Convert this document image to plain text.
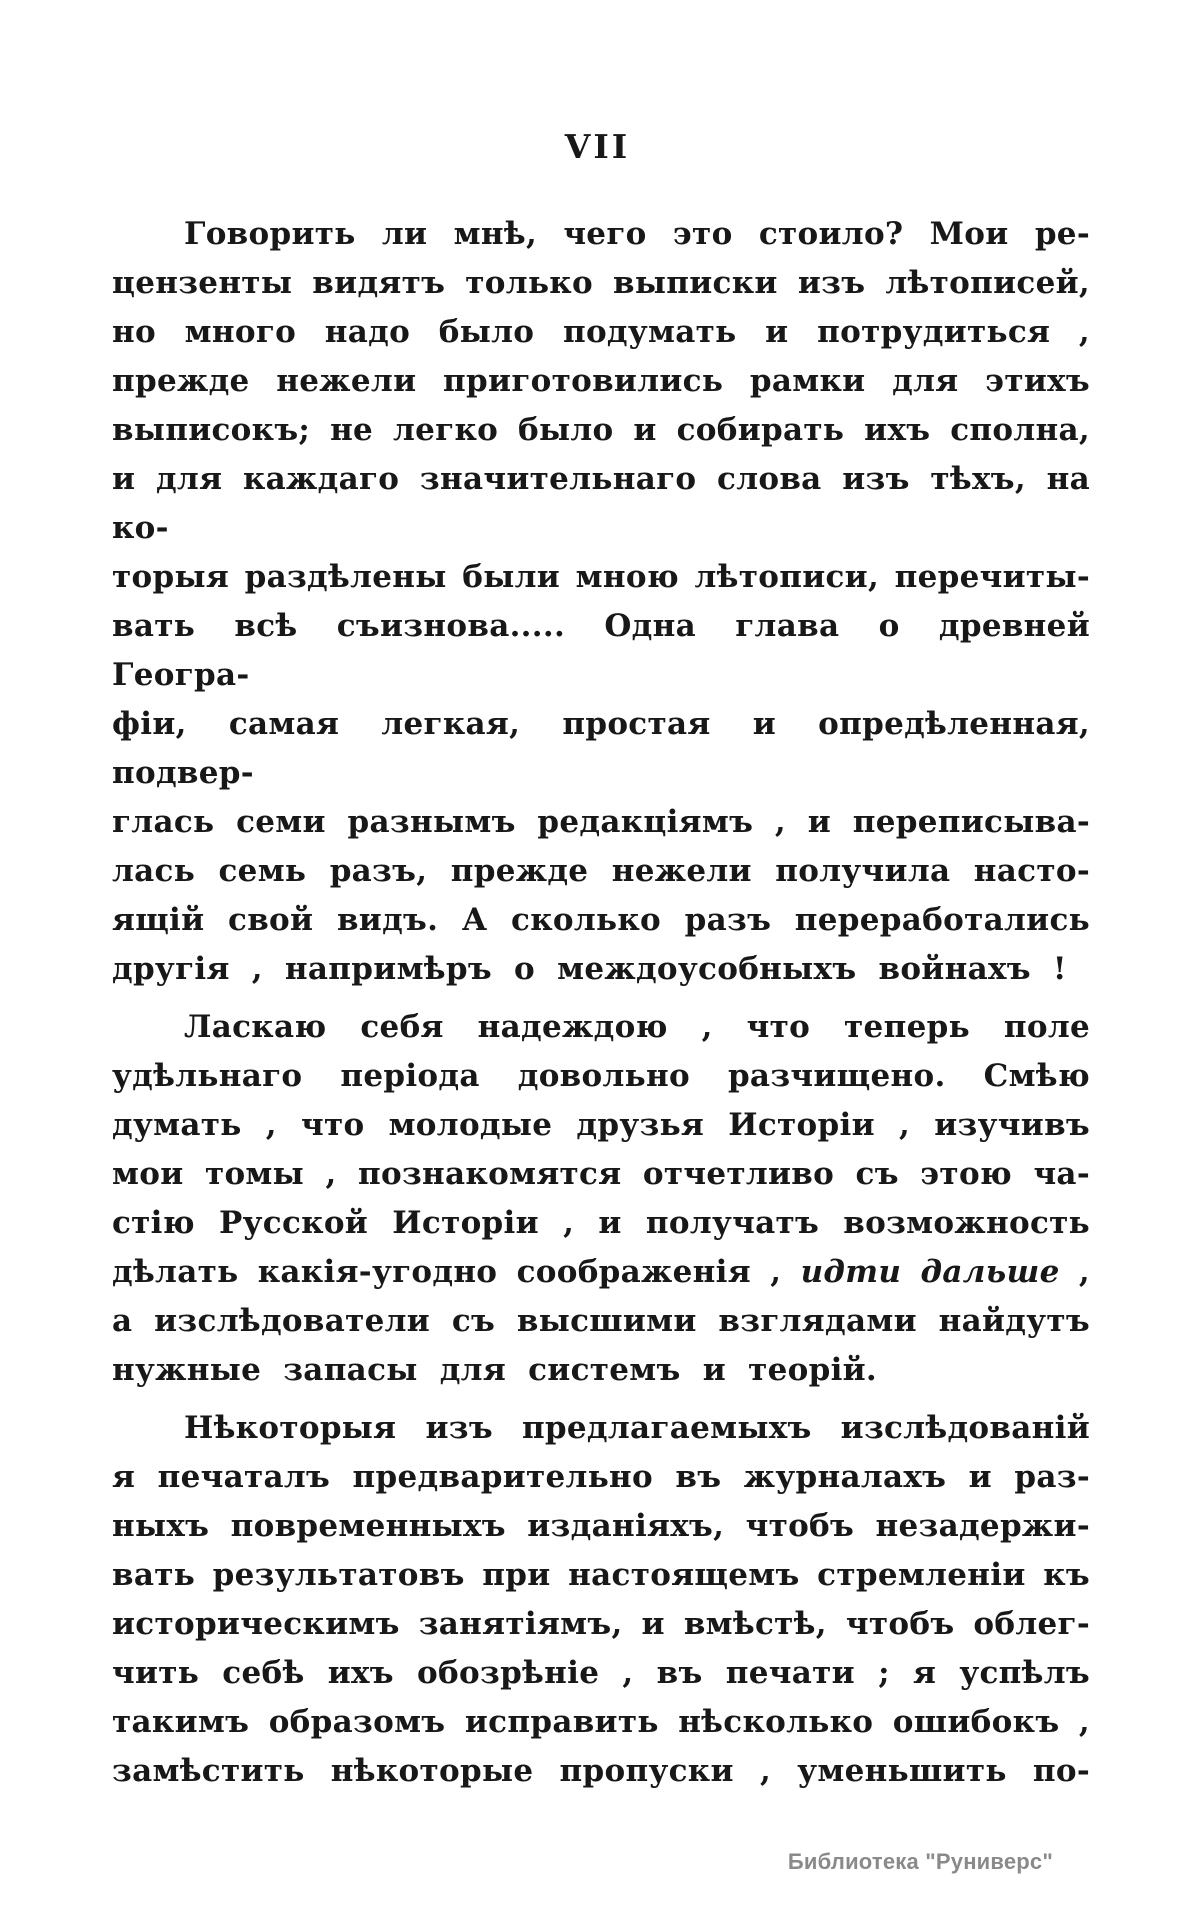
VII
Говорить ли мнѣ, чего это стоило? Мои ре-
цензенты видятъ только выписки изъ лѣтописей,
но много надо было подумать и потрудиться ,
прежде нежели приготовились рамки для этихъ
выписокъ; не легко было и собирать ихъ сполна,
и для каждаго значительнаго слова изъ тѣхъ, на ко-
торыя раздѣлены были мною лѣтописи, перечиты-
вать всѣ съизнова..... Одна глава о древней Геогра-
фіи, самая легкая, простая и опредѣленная, подвер-
глась семи разнымъ редакціямъ , и переписыва-
лась семь разъ, прежде нежели получила насто-
ящій свой видъ. А сколько разъ переработались
другія , напримѣръ о междоусобныхъ войнахъ !
Ласкаю себя надеждою , что теперь поле
удѣльнаго періода довольно разчищено. Смѣю
думать , что молодые друзья Исторіи , изучивъ
мои томы , познакомятся отчетливо съ этою ча-
стію Русской Исторіи , и получатъ возможность
дѣлать какія-угодно соображенія , идти дальше ,
а изслѣдователи съ высшими взглядами найдутъ
нужные запасы для системъ и теорій.
Нѣкоторыя изъ предлагаемыхъ изслѣдованій
я печаталъ предварительно въ журналахъ и раз-
ныхъ повременныхъ изданіяхъ, чтобъ незадержи-
вать результатовъ при настоящемъ стремленіи къ
историческимъ занятіямъ, и вмѣстѣ, чтобъ облег-
чить себѣ ихъ обозрѣніе , въ печати ; я успѣлъ
такимъ образомъ исправить нѣсколько ошибокъ ,
замѣстить нѣкоторые пропуски , уменьшить по-
Библиотека "Руниверс"
